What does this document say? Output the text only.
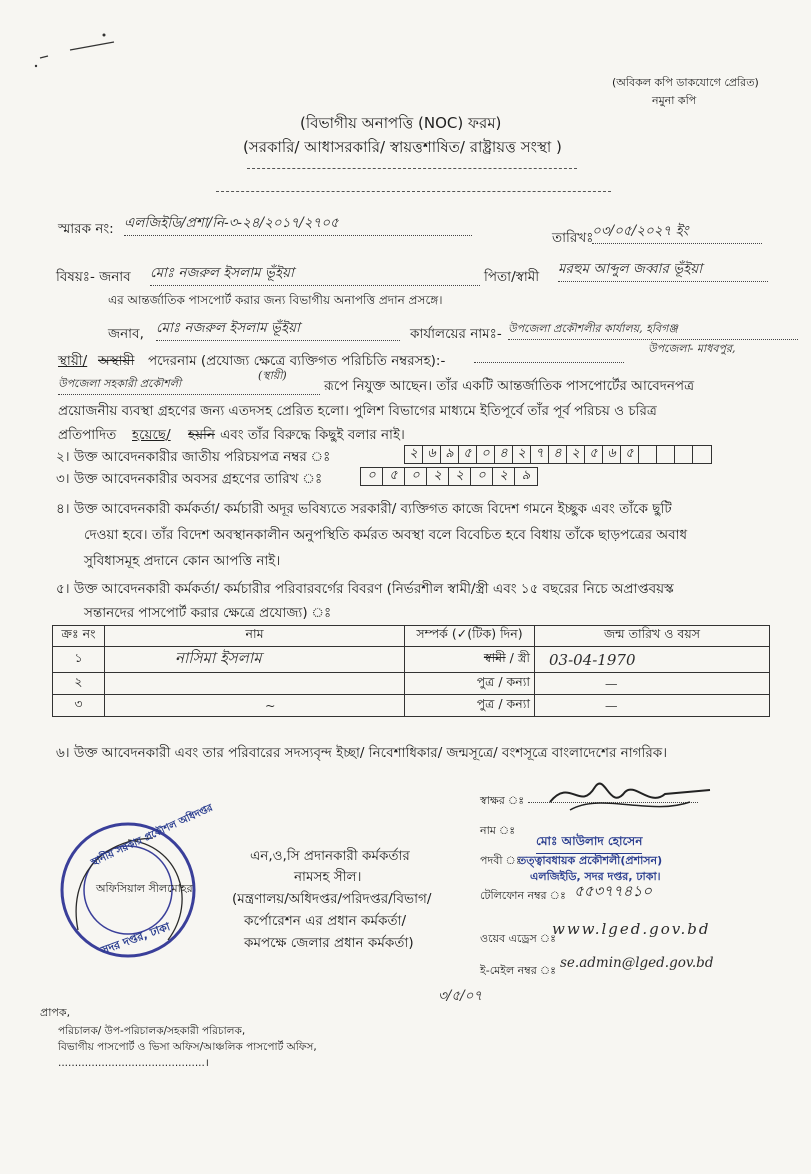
(অবিকল কপি ডাকযোগে প্রেরিত)
নমুনা কপি
(বিভাগীয় অনাপত্তি (NOC) ফরম)
(সরকারি/ আধাসরকারি/ স্বায়ত্তশাষিত/ রাষ্ট্রায়ত্ত সংস্থা )
স্মারক নং: এলজিইডি/প্রশা/নি-৩-২৪/২০১৭/২৭০৫
তারিখঃ
০৩/০৫/২০২৭ ইং
বিষয়ঃ- জনাব মোঃ নজরুল ইসলাম ভূঁইয়া	পিতা/স্বামী মরহুম আব্দুল জব্বার ভূঁইয়া
এর আন্তর্জাতিক পাসপোর্ট করার জন্য বিভাগীয় অনাপত্তি প্রদান প্রসঙ্গে।
জনাব, মোঃ নজরুল ইসলাম ভূঁইয়া	কার্যালয়ের নামঃ- উপজেলা প্রকৌশলীর কার্যালয়, হবিগঞ্জ
উপজেলা- মাধবপুর,
স্থায়ী/ অস্থায়ী পদেরনাম (প্রযোজ্য ক্ষেত্রে ব্যক্তিগত পরিচিতি নম্বরসহ):-
উপজেলা সহকারী প্রকৌশলী
(স্থায়ী)
রূপে নিযুক্ত আছেন। তাঁর একটি আন্তর্জাতিক পাসপোর্টের আবেদনপত্র
প্রয়োজনীয় ব্যবস্থা গ্রহণের জন্য এতদসহ প্রেরিত হলো। পুলিশ বিভাগের মাধ্যমে ইতিপূর্বে তাঁর পূর্ব পরিচয় ও চরিত্র
প্রতিপাদিত হয়েছে/ হয়নি এবং তাঁর বিরুদ্ধে কিছুই বলার নাই।
২। উক্ত আবেদনকারীর জাতীয় পরিচয়পত্র নম্বর ঃ	২ ৬ ৯ ৫ ০ ৪ ২ ৭ ৪ ২ ৫ ৬ ৫
৩। উক্ত আবেদনকারীর অবসর গ্রহণের তারিখ ঃ	০	৫	০	২	২	০	২	৯
৪। উক্ত আবেদনকারী কর্মকর্তা/ কর্মচারী অদূর ভবিষ্যতে সরকারী/ ব্যক্তিগত কাজে বিদেশ গমনে ইচ্ছুক এবং তাঁকে ছুটি
দেওয়া হবে। তাঁর বিদেশ অবস্থানকালীন অনুপস্থিতি কর্মরত অবস্থা বলে বিবেচিত হবে বিধায় তাঁকে ছাড়পত্রের অবাধ
সুবিধাসমূহ প্রদানে কোন আপত্তি নাই।
৫। উক্ত আবেদনকারী কর্মকর্তা/ কর্মচারীর পরিবারবর্গের বিবরণ (নির্ভরশীল স্বামী/স্ত্রী এবং ১৫ বছরের নিচে অপ্রাপ্তবয়স্ক
সন্তানদের পাসপোর্ট করার ক্ষেত্রে প্রযোজ্য) ঃ
ক্রঃ নং	নাম	সম্পর্ক (✓(টিক) দিন)	জন্ম তারিখ ও বয়স
১	নাসিমা ইসলাম	স্বামী / স্ত্রী	03-04-1970
২		পুত্র / কন্যা	—
৩	~	পুত্র / কন্যা	—
৬। উক্ত আবেদনকারী এবং তার পরিবারের সদস্যবৃন্দ ইচ্ছা/ নিবেশাধিকার/ জন্মসূত্রে/ বংশসূত্রে বাংলাদেশের নাগরিক।
স্বাক্ষর ঃ
নাম ঃ
মোঃ আউলাদ হোসেন
পদবী ঃ
তত্ত্বাবধায়ক প্রকৌশলী(প্রশাসন)
এলজিইডি, সদর দপ্তর, ঢাকা।
টেলিফোন নম্বর ঃ ৫৫৩৭৭৪১০
ওয়েব এড্রেস ঃ
www.lged.gov.bd
ই-মেইল নম্বর ঃ se.admin@lged.gov.bd
৩/৫/০৭
স্থানীয় সরকার প্রকৌশল অধিদপ্তর
সদর দপ্তর, ঢাকা
অফিসিয়াল সীলমোহর
এন,ও,সি প্রদানকারী কর্মকর্তার
নামসহ সীল।
(মন্ত্রণালয়/অধিদপ্তর/পরিদপ্তর/বিভাগ/
কর্পোরেশন এর প্রধান কর্মকর্তা/
কমপক্ষে জেলার প্রধান কর্মকর্তা)
প্রাপক,
পরিচালক/ উপ-পরিচালক/সহকারী পরিচালক,
বিভাগীয় পাসপোর্ট ও ভিসা অফিস/আঞ্চলিক পাসপোর্ট অফিস,
............................................।
